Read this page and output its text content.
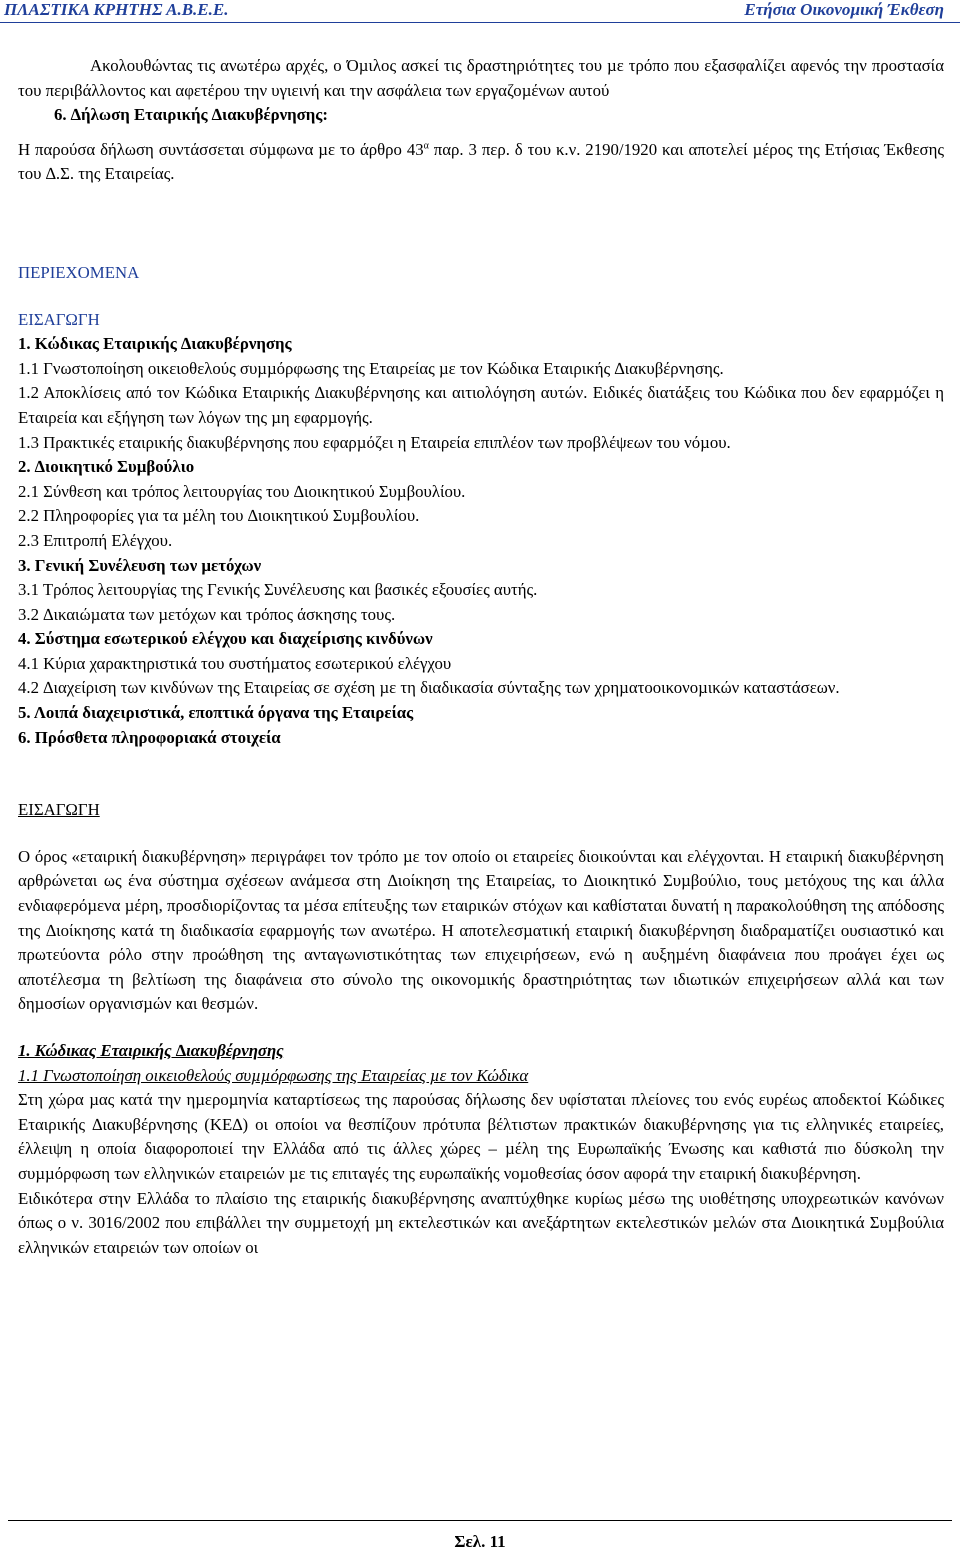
ΠΛΑΣΤΙΚΑ ΚΡΗΤΗΣ Α.Β.Ε.Ε.	Ετήσια Οικονοµική Έκθεση

Ακολουθώντας τις ανωτέρω αρχές, ο Όµιλος ασκεί τις δραστηριότητες του µε τρόπο που εξασφαλίζει αφενός την προστασία του περιβάλλοντος και αφετέρου την υγιεινή και την ασφάλεια των εργαζοµένων αυτού

6. ∆ήλωση Εταιρικής ∆ιακυβέρνησης:

Η παρούσα δήλωση συντάσσεται σύµφωνα µε το άρθρο $43^\alpha$ παρ. 3 περ. δ του κ.ν. 2190/1920 και αποτελεί µέρος της Ετήσιας Έκθεσης του ∆.Σ. της Εταιρείας.

ΠΕΡΙΕΧΟΜΕΝΑ

ΕΙΣΑΓΩΓΗ

1. Κώδικας Εταιρικής ∆ιακυβέρνησης

1.1 Γνωστοποίηση οικειοθελούς συµµόρφωσης της Εταιρείας µε τον Κώδικα Εταιρικής ∆ιακυβέρνησης.

1.2 Αποκλίσεις από τον Κώδικα Εταιρικής ∆ιακυβέρνησης και αιτιολόγηση αυτών. Ειδικές διατάξεις του Κώδικα που δεν εφαρµόζει η Εταιρεία και εξήγηση των λόγων της µη εφαρµογής.

1.3 Πρακτικές εταιρικής διακυβέρνησης που εφαρµόζει η Εταιρεία επιπλέον των προβλέψεων του νόµου.

2. ∆ιοικητικό Συµβούλιο

2.1 Σύνθεση και τρόπος λειτουργίας του ∆ιοικητικού Συµβουλίου.

2.2 Πληροφορίες για τα µέλη του ∆ιοικητικού Συµβουλίου.

2.3 Επιτροπή Ελέγχου.

3. Γενική Συνέλευση των µετόχων

3.1 Τρόπος λειτουργίας της Γενικής Συνέλευσης και βασικές εξουσίες αυτής.

3.2 ∆ικαιώµατα των µετόχων και τρόπος άσκησης τους.

4. Σύστηµα εσωτερικού ελέγχου και διαχείρισης κινδύνων

4.1 Κύρια χαρακτηριστικά του συστήµατος εσωτερικού ελέγχου

4.2 ∆ιαχείριση των κινδύνων της Εταιρείας σε σχέση µε τη διαδικασία σύνταξης των χρηµατοοικονοµικών καταστάσεων.

5. Λοιπά διαχειριστικά, εποπτικά όργανα της Εταιρείας

6. Πρόσθετα πληροφοριακά στοιχεία

ΕΙΣΑΓΩΓΗ

Ο όρος «εταιρική διακυβέρνηση» περιγράφει τον τρόπο µε τον οποίο οι εταιρείες διοικούνται και ελέγχονται. Η εταιρική διακυβέρνηση αρθρώνεται ως ένα σύστηµα σχέσεων ανάµεσα στη ∆ιοίκηση της Εταιρείας, το ∆ιοικητικό Συµβούλιο, τους µετόχους της και άλλα ενδιαφερόµενα µέρη, προσδιορίζοντας τα µέσα επίτευξης των εταιρικών στόχων και καθίσταται δυνατή η παρακολούθηση της απόδοσης της ∆ιοίκησης κατά τη διαδικασία εφαρµογής των ανωτέρω. Η αποτελεσµατική εταιρική διακυβέρνηση διαδραµατίζει ουσιαστικό και πρωτεύοντα ρόλο στην προώθηση της ανταγωνιστικότητας των επιχειρήσεων, ενώ η αυξηµένη διαφάνεια που προάγει έχει ως αποτέλεσµα τη βελτίωση της διαφάνεια στο σύνολο της οικονοµικής δραστηριότητας των ιδιωτικών επιχειρήσεων αλλά και των δηµοσίων οργανισµών και θεσµών.

1. Κώδικας Εταιρικής ∆ιακυβέρνησης

1.1 Γνωστοποίηση οικειοθελούς συµµόρφωσης της Εταιρείας µε τον Κώδικα

Στη χώρα µας κατά την ηµεροµηνία καταρτίσεως της παρούσας δήλωσης δεν υφίσταται πλείονες του ενός ευρέως αποδεκτοί Κώδικες Εταιρικής ∆ιακυβέρνησης (ΚΕ∆) οι οποίοι να θεσπίζουν πρότυπα βέλτιστων πρακτικών διακυβέρνησης για τις ελληνικές εταιρείες, έλλειψη η οποία διαφοροποιεί την Ελλάδα από τις άλλες χώρες – µέλη της Ευρωπαϊκής Ένωσης και καθιστά πιο δύσκολη την συµµόρφωση των ελληνικών εταιρειών µε τις επιταγές της ευρωπαϊκής νοµοθεσίας όσον αφορά την εταιρική διακυβέρνηση.

Ειδικότερα στην Ελλάδα το πλαίσιο της εταιρικής διακυβέρνησης αναπτύχθηκε κυρίως µέσω της υιοθέτησης υποχρεωτικών κανόνων όπως ο ν. 3016/2002 που επιβάλλει την συµµετοχή µη εκτελεστικών και ανεξάρτητων εκτελεστικών µελών στα ∆ιοικητικά Συµβούλια ελληνικών εταιρειών των οποίων οι

Σελ. 11
